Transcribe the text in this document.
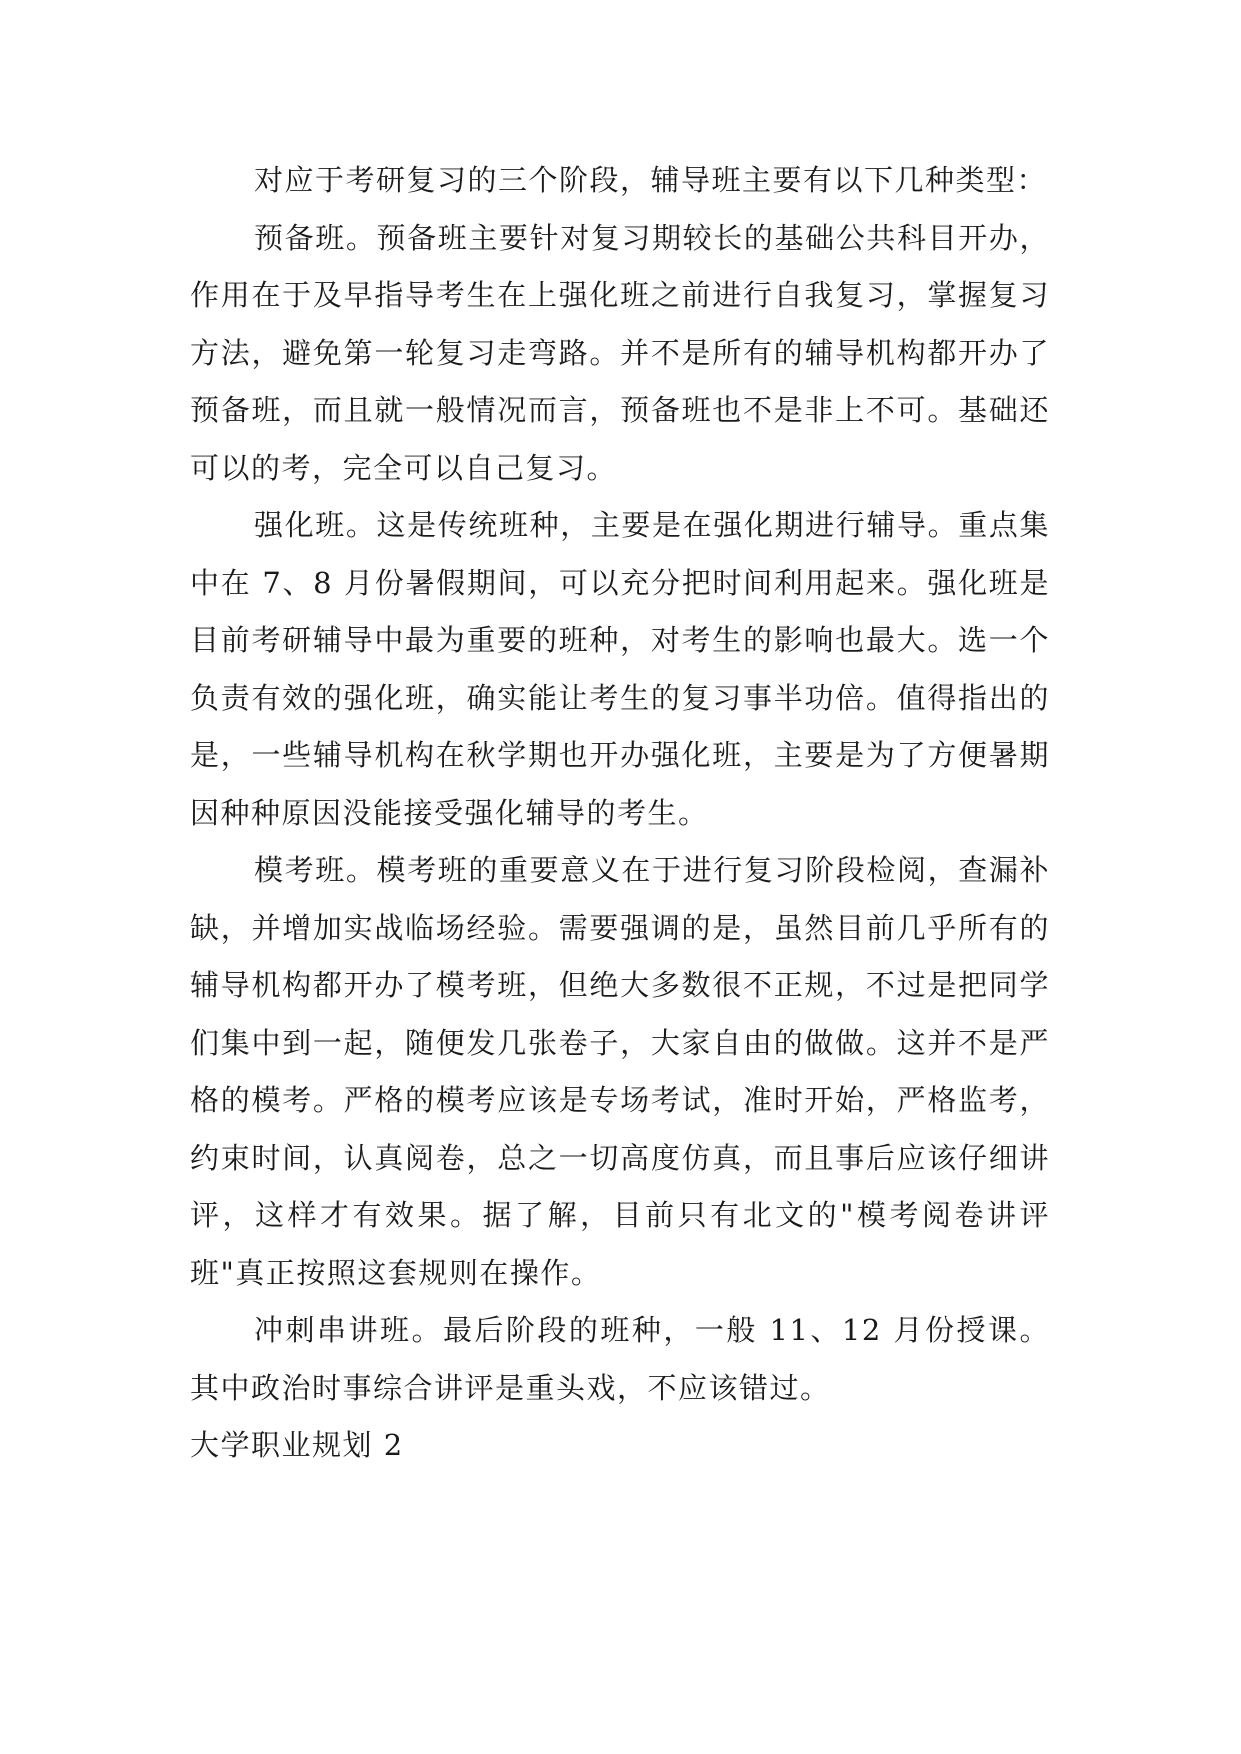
对应于考研复习的三个阶段，辅导班主要有以下几种类型：

预备班。预备班主要针对复习期较长的基础公共科目开办，作用在于及早指导考生在上强化班之前进行自我复习，掌握复习方法，避免第一轮复习走弯路。并不是所有的辅导机构都开办了预备班，而且就一般情况而言，预备班也不是非上不可。基础还可以的考，完全可以自己复习。

强化班。这是传统班种，主要是在强化期进行辅导。重点集中在 7、8 月份暑假期间，可以充分把时间利用起来。强化班是目前考研辅导中最为重要的班种，对考生的影响也最大。选一个负责有效的强化班，确实能让考生的复习事半功倍。值得指出的是，一些辅导机构在秋学期也开办强化班，主要是为了方便暑期因种种原因没能接受强化辅导的考生。

模考班。模考班的重要意义在于进行复习阶段检阅，查漏补缺，并增加实战临场经验。需要强调的是，虽然目前几乎所有的辅导机构都开办了模考班，但绝大多数很不正规，不过是把同学们集中到一起，随便发几张卷子，大家自由的做做。这并不是严格的模考。严格的模考应该是专场考试，准时开始，严格监考，约束时间，认真阅卷，总之一切高度仿真，而且事后应该仔细讲评，这样才有效果。据了解，目前只有北文的"模考阅卷讲评班"真正按照这套规则在操作。

冲刺串讲班。最后阶段的班种，一般 11、12 月份授课。其中政治时事综合讲评是重头戏，不应该错过。

大学职业规划 2
